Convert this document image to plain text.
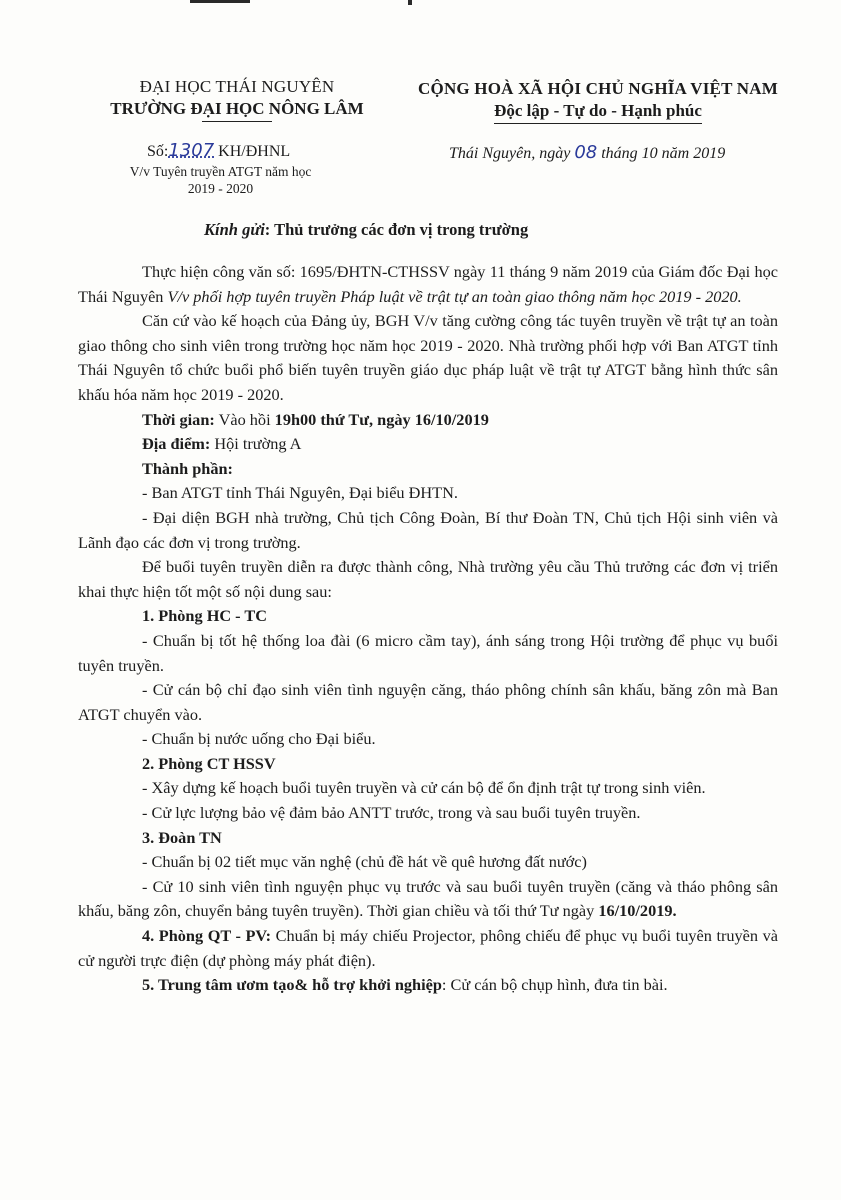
ĐẠI HỌC THÁI NGUYÊN
TRƯỜNG ĐẠI HỌC NÔNG LÂM
CỘNG HOÀ XÃ HỘI CHỦ NGHĨA VIỆT NAM
Độc lập - Tự do - Hạnh phúc
Số:1307 KH/ĐHNL
V/v Tuyên truyền ATGT năm học
2019 - 2020
Thái Nguyên, ngày 08 tháng 10 năm 2019
Kính gửi: Thủ trưởng các đơn vị trong trường

Thực hiện công văn số: 1695/ĐHTN-CTHSSV ngày 11 tháng 9 năm 2019 của Giám đốc Đại học Thái Nguyên V/v phối hợp tuyên truyền Pháp luật về trật tự an toàn giao thông năm học 2019 - 2020.

Căn cứ vào kế hoạch của Đảng ủy, BGH V/v tăng cường công tác tuyên truyền về trật tự an toàn giao thông cho sinh viên trong trường học năm học 2019 - 2020. Nhà trường phối hợp với Ban ATGT tỉnh Thái Nguyên tổ chức buổi phổ biến tuyên truyền giáo dục pháp luật về trật tự ATGT bằng hình thức sân khấu hóa năm học 2019 - 2020.

Thời gian: Vào hồi 19h00 thứ Tư, ngày 16/10/2019

Địa điểm: Hội trường A

Thành phần:

- Ban ATGT tỉnh Thái Nguyên, Đại biểu ĐHTN.

- Đại diện BGH nhà trường, Chủ tịch Công Đoàn, Bí thư Đoàn TN, Chủ tịch Hội sinh viên và Lãnh đạo các đơn vị trong trường.

Để buổi tuyên truyền diễn ra được thành công, Nhà trường yêu cầu Thủ trưởng các đơn vị triển khai thực hiện tốt một số nội dung sau:

1. Phòng HC - TC

- Chuẩn bị tốt hệ thống loa đài (6 micro cầm tay), ánh sáng trong Hội trường để phục vụ buổi tuyên truyền.

- Cử cán bộ chỉ đạo sinh viên tình nguyện căng, tháo phông chính sân khấu, băng zôn mà Ban ATGT chuyển vào.

- Chuẩn bị nước uống cho Đại biểu.

2. Phòng CT HSSV

- Xây dựng kế hoạch buổi tuyên truyền và cử cán bộ để ổn định trật tự trong sinh viên.

- Cử lực lượng bảo vệ đảm bảo ANTT trước, trong và sau buổi tuyên truyền.

3. Đoàn TN

- Chuẩn bị 02 tiết mục văn nghệ (chủ đề hát về quê hương đất nước)

- Cử 10 sinh viên tình nguyện phục vụ trước và sau buổi tuyên truyền (căng và tháo phông sân khấu, băng zôn, chuyển bảng tuyên truyền). Thời gian chiều và tối thứ Tư ngày 16/10/2019.

4. Phòng QT - PV: Chuẩn bị máy chiếu Projector, phông chiếu để phục vụ buổi tuyên truyền và cử người trực điện (dự phòng máy phát điện).

5. Trung tâm ươm tạo& hỗ trợ khởi nghiệp: Cử cán bộ chụp hình, đưa tin bài.
